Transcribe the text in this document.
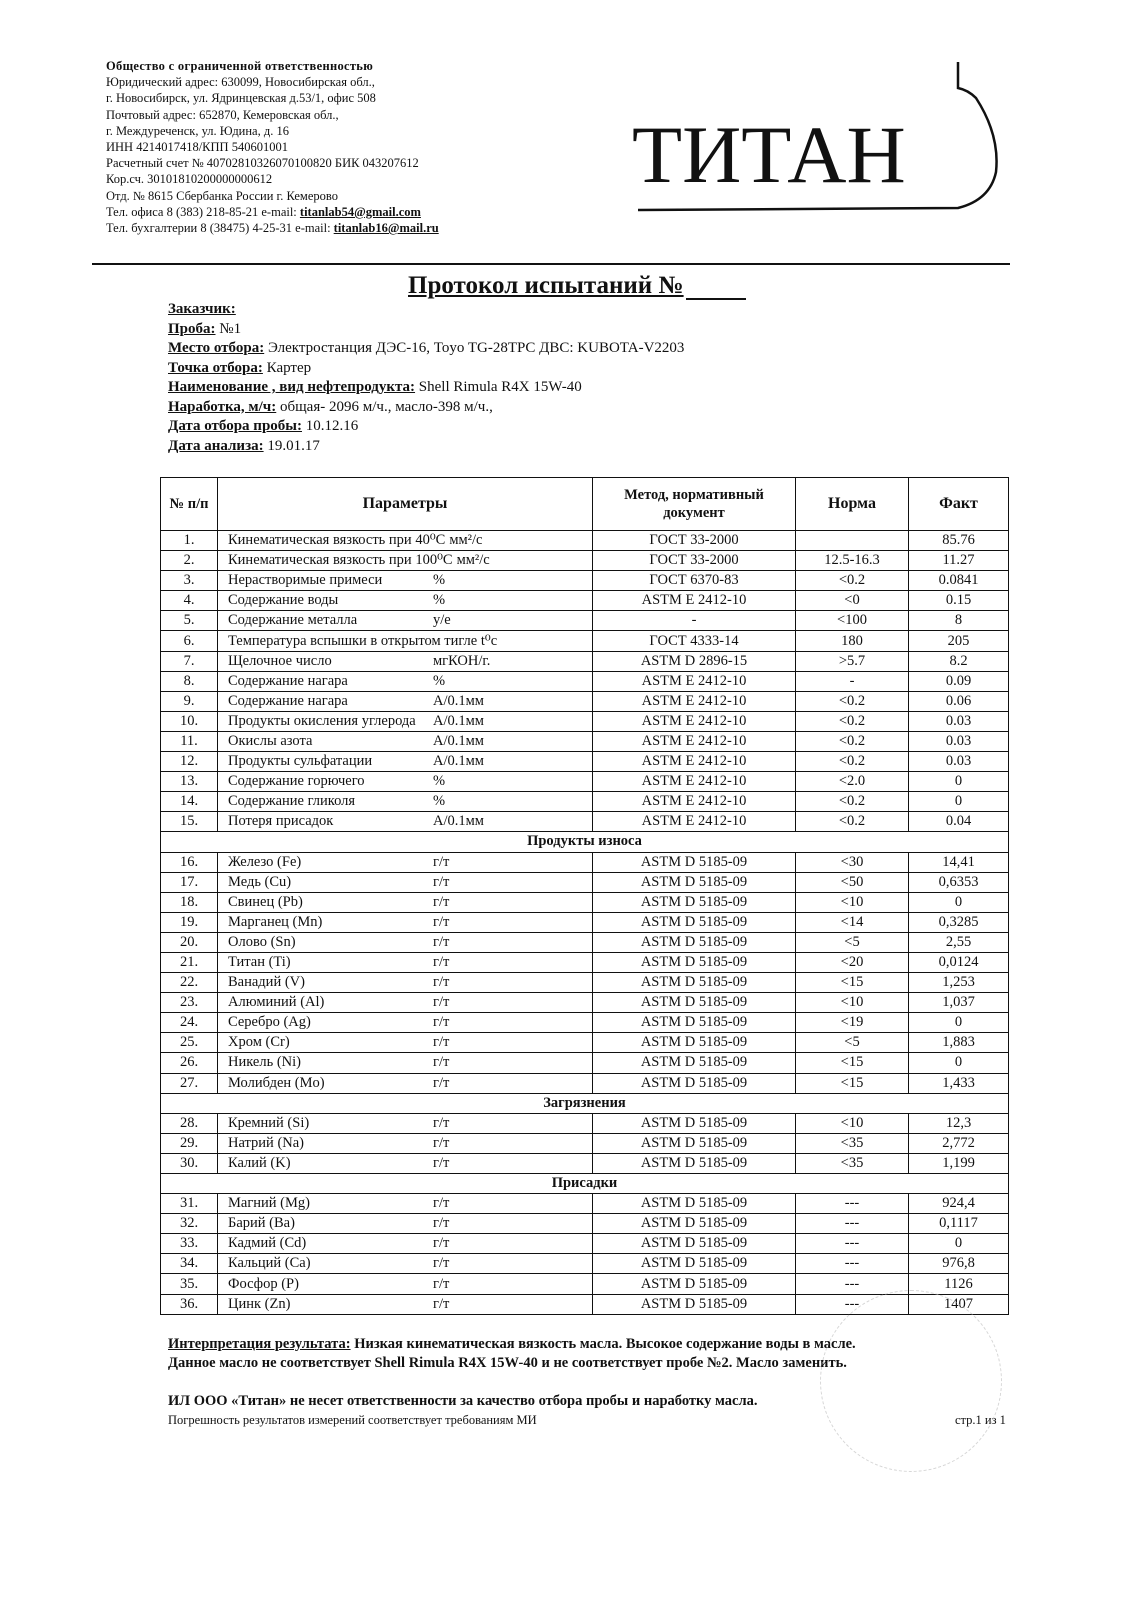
Общество с ограниченной ответственностью
Юридический адрес: 630099, Новосибирская обл.,
г. Новосибирск, ул. Ядринцевская д.53/1, офис 508
Почтовый адрес: 652870, Кемеровская обл.,
г. Междуреченск, ул. Юдина, д. 16
ИНН 4214017418/КПП 540601001
Расчетный счет № 40702810326070100820 БИК 043207612
Кор.сч. 30101810200000000612
Отд. № 8615 Сбербанка России г. Кемерово
Тел. офиса 8 (383) 218-85-21 e-mail: titanlab54@gmail.com
Тел. бухгалтерии 8 (38475) 4-25-31 e-mail: titanlab16@mail.ru
ТИТАН
Протокол испытаний №
Заказчик:
Проба: №1
Место отбора: Электростанция ДЭС-16, Toyo TG-28TPC ДВС: KUBOTA-V2203
Точка отбора: Картер
Наименование , вид нефтепродукта: Shell Rimula R4X 15W-40
Наработка, м/ч: общая- 2096 м/ч., масло-398 м/ч.,
Дата отбора пробы: 10.12.16
Дата анализа: 19.01.17
№ п/п	Параметры	Метод, нормативный документ	Норма	Факт
1.	Кинематическая вязкость при 40⁰С мм²/с	ГОСТ 33-2000		85.76
2.	Кинематическая вязкость при 100⁰С мм²/с	ГОСТ 33-2000	12.5-16.3	11.27
3.	Нерастворимые примеси %	ГОСТ 6370-83	<0.2	0.0841
4.	Содержание воды %	ASTM E 2412-10	<0	0.15
5.	Содержание металла у/е	-	<100	8
6.	Температура вспышки в открытом тигле t⁰c	ГОСТ 4333-14	180	205
7.	Щелочное число мгКОН/г.	ASTM D 2896-15	>5.7	8.2
8.	Содержание нагара %	ASTM E 2412-10	-	0.09
9.	Содержание нагара А/0.1мм	ASTM E 2412-10	<0.2	0.06
10.	Продукты окисления углерода А/0.1мм	ASTM E 2412-10	<0.2	0.03
11.	Окислы азота А/0.1мм	ASTM E 2412-10	<0.2	0.03
12.	Продукты сульфатации А/0.1мм	ASTM E 2412-10	<0.2	0.03
13.	Содержание горючего %	ASTM E 2412-10	<2.0	0
14.	Содержание гликоля %	ASTM E 2412-10	<0.2	0
15.	Потеря присадок А/0.1мм	ASTM E 2412-10	<0.2	0.04
Продукты износа				
16.	Железо (Fe) г/т	ASTM D 5185-09	<30	14,41
17.	Медь (Cu) г/т	ASTM D 5185-09	<50	0,6353
18.	Свинец (Pb) г/т	ASTM D 5185-09	<10	0
19.	Марганец (Mn) г/т	ASTM D 5185-09	<14	0,3285
20.	Олово (Sn) г/т	ASTM D 5185-09	<5	2,55
21.	Титан (Ti) г/т	ASTM D 5185-09	<20	0,0124
22.	Ванадий (V) г/т	ASTM D 5185-09	<15	1,253
23.	Алюминий (Al) г/т	ASTM D 5185-09	<10	1,037
24.	Серебро (Ag) г/т	ASTM D 5185-09	<19	0
25.	Хром (Cr) г/т	ASTM D 5185-09	<5	1,883
26.	Никель (Ni) г/т	ASTM D 5185-09	<15	0
27.	Молибден (Mo) г/т	ASTM D 5185-09	<15	1,433
Загрязнения				
28.	Кремний (Si) г/т	ASTM D 5185-09	<10	12,3
29.	Натрий (Na) г/т	ASTM D 5185-09	<35	2,772
30.	Калий (K) г/т	ASTM D 5185-09	<35	1,199
Присадки				
31.	Магний (Mg) г/т	ASTM D 5185-09	---	924,4
32.	Барий (Ba) г/т	ASTM D 5185-09	---	0,1117
33.	Кадмий (Cd) г/т	ASTM D 5185-09	---	0
34.	Кальций (Ca) г/т	ASTM D 5185-09	---	976,8
35.	Фосфор (P) г/т	ASTM D 5185-09	---	1126
36.	Цинк (Zn) г/т	ASTM D 5185-09	---	1407
Интерпретация результата: Низкая кинематическая вязкость масла. Высокое содержание воды в масле.
Данное масло не соответствует Shell Rimula R4X 15W-40 и не соответствует пробе №2. Масло заменить.
ИЛ ООО «Титан» не несет ответственности за качество отбора пробы и наработку масла.
Погрешность результатов измерений соответствует требованиям МИ	стр.1 из 1
